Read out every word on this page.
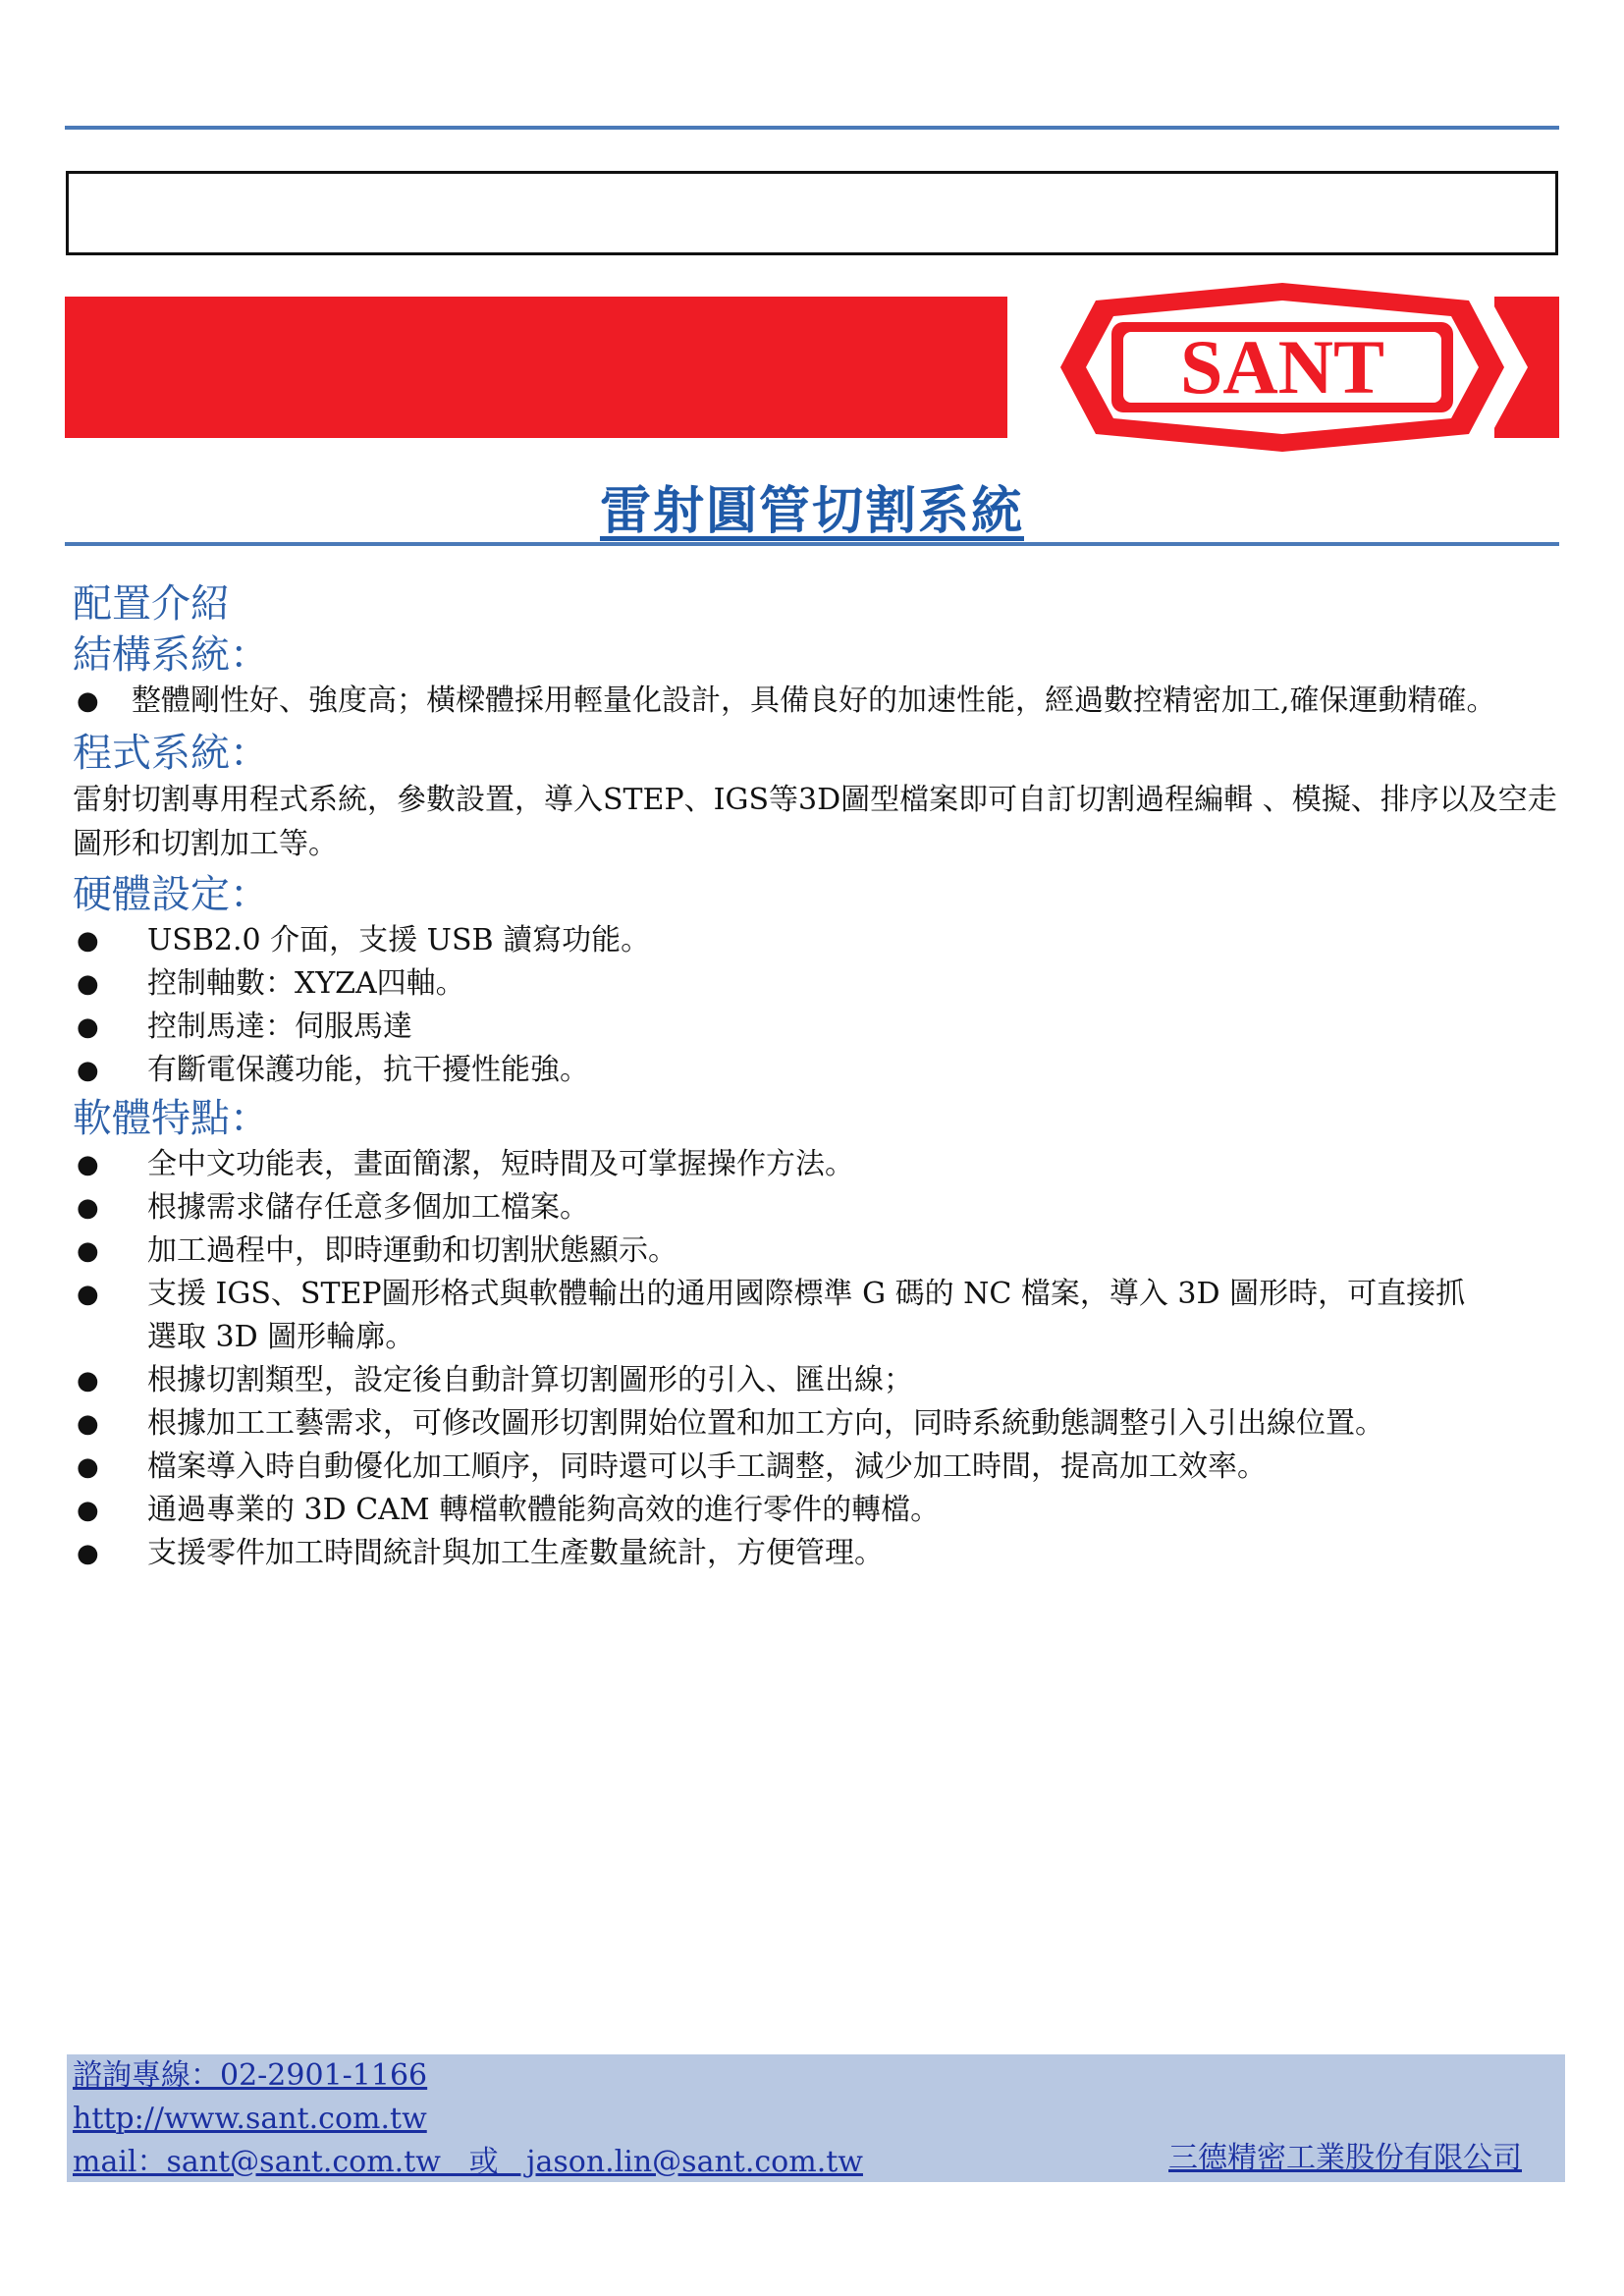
SANT
雷射圓管切割系統
配置介紹
結構系統：
● 整體剛性好、強度高；橫樑體採用輕量化設計，具備良好的加速性能，經過數控精密加工,確保運動精確。
程式系統：

雷射切割專用程式系統，參數設置，導入STEP、IGS等3D圖型檔案即可自訂切割過程編輯 、模擬、排序以及空走圖形和切割加工等。

硬體設定：
● USB2.0 介面，支援 USB 讀寫功能。
● 控制軸數：XYZA四軸。
● 控制馬達：伺服馬達
● 有斷電保護功能，抗干擾性能強。
軟體特點：
● 全中文功能表，畫面簡潔，短時間及可掌握操作方法。
● 根據需求儲存任意多個加工檔案。
● 加工過程中，即時運動和切割狀態顯示。
● 支援 IGS、STEP圖形格式與軟體輸出的通用國際標準 G 碼的 NC 檔案，導入 3D 圖形時，可直接抓選取 3D 圖形輪廓。
● 根據切割類型，設定後自動計算切割圖形的引入、匯出線；
● 根據加工工藝需求，可修改圖形切割開始位置和加工方向，同時系統動態調整引入引出線位置。
● 檔案導入時自動優化加工順序，同時還可以手工調整，減少加工時間，提高加工效率。
● 通過專業的 3D CAM 轉檔軟體能夠高效的進行零件的轉檔。
● 支援零件加工時間統計與加工生產數量統計，方便管理。
諮詢專線：02-2901-1166
http://www.sant.com.tw
mail：sant@sant.com.tw   或   jason.lin@sant.com.tw	三德精密工業股份有限公司
